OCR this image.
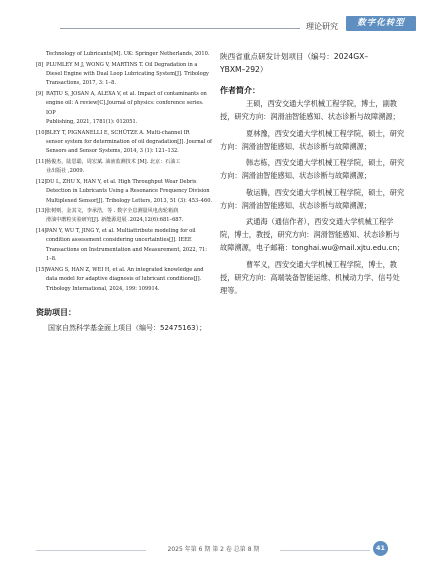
理论研究	数字化转型
Technology of Lubricants[M]. UK: Springer Netherlands, 2010.
[8] PLUMLEY M J, WONG V, MARTINS T. Oil Degradation in a
Diesel Engine with Dual Loop Lubricating System[J]. Tribology
Transactions, 2017, 3: 1–8.
[9] RAȚIU S, JOSAN A, ALEXA V, et al. Impact of contaminants on
engine oil: A review[C].Journal of physics: conference series. IOP
Publishing, 2021, 1781(1): 012051.
[10]BLEY T, PIGNANELLI E, SCHÜTZE A. Multi-channel IR
sensor system for determination of oil degradation[J]. Journal of
Sensors and Sensor Systems, 2014, 3 (1): 121–132.
[11]杨俊杰，陆思聪，周宏斌. 油液监测技术 [M]. 北京：石油工
业出版社 ,2009.
[12]DU L, ZHU X, HAN Y, et al. High Throughput Wear Debris
Detection in Lubricants Using a Resonance Frequency Division
Multiplexed Sensor[J]. Tribology Letters, 2013, 51 (3): 453–460.
[13]张树则，金其文，李承浩，等 . 数字全息测量风电齿轮箱润
滑油中磨粒实验研究[J]. 新能源进展 .2024,12(6):681–687.
[14]PAN Y, WU T, JING Y, et al. Multiattribute modeling for oil
condition assessment considering uncertainties[J]. IEEE
Transactions on Instrumentation and Measurement, 2022, 71: 1–8.
[15]WANG S, HAN Z, WEI H, et al. An integrated knowledge and
data model for adaptive diagnosis of lubricant conditions[J].
Tribology International, 2024, 199: 109914.
资助项目：
国家自然科学基金面上项目（编号：52475163）；
陕西省重点研发计划项目（编号：2024GX–
YBXM–292）
作者简介：

王硕，西安交通大学机械工程学院，博士，副教授，研究方向：润滑油智能感知、状态诊断与故障溯源；

夏林豫，西安交通大学机械工程学院，硕士，研究方向：润滑油智能感知、状态诊断与故障溯源；

韩志栋，西安交通大学机械工程学院，硕士，研究方向：润滑油智能感知、状态诊断与故障溯源；

敬运腾，西安交通大学机械工程学院，硕士，研究方向：润滑油智能感知、状态诊断与故障溯源；

武通海（通信作者），西安交通大学机械工程学院，博士，教授，研究方向：润滑智能感知、状态诊断与故障溯源，电子邮箱：tonghai.wu@mail.xjtu.edu.cn；

曹军义，西安交通大学机械工程学院，博士，教授，研究方向：高端装备智能运维、机械动力学、信号处理等。

2025 年第 6 期 第 2 卷 总第 8 期	41
